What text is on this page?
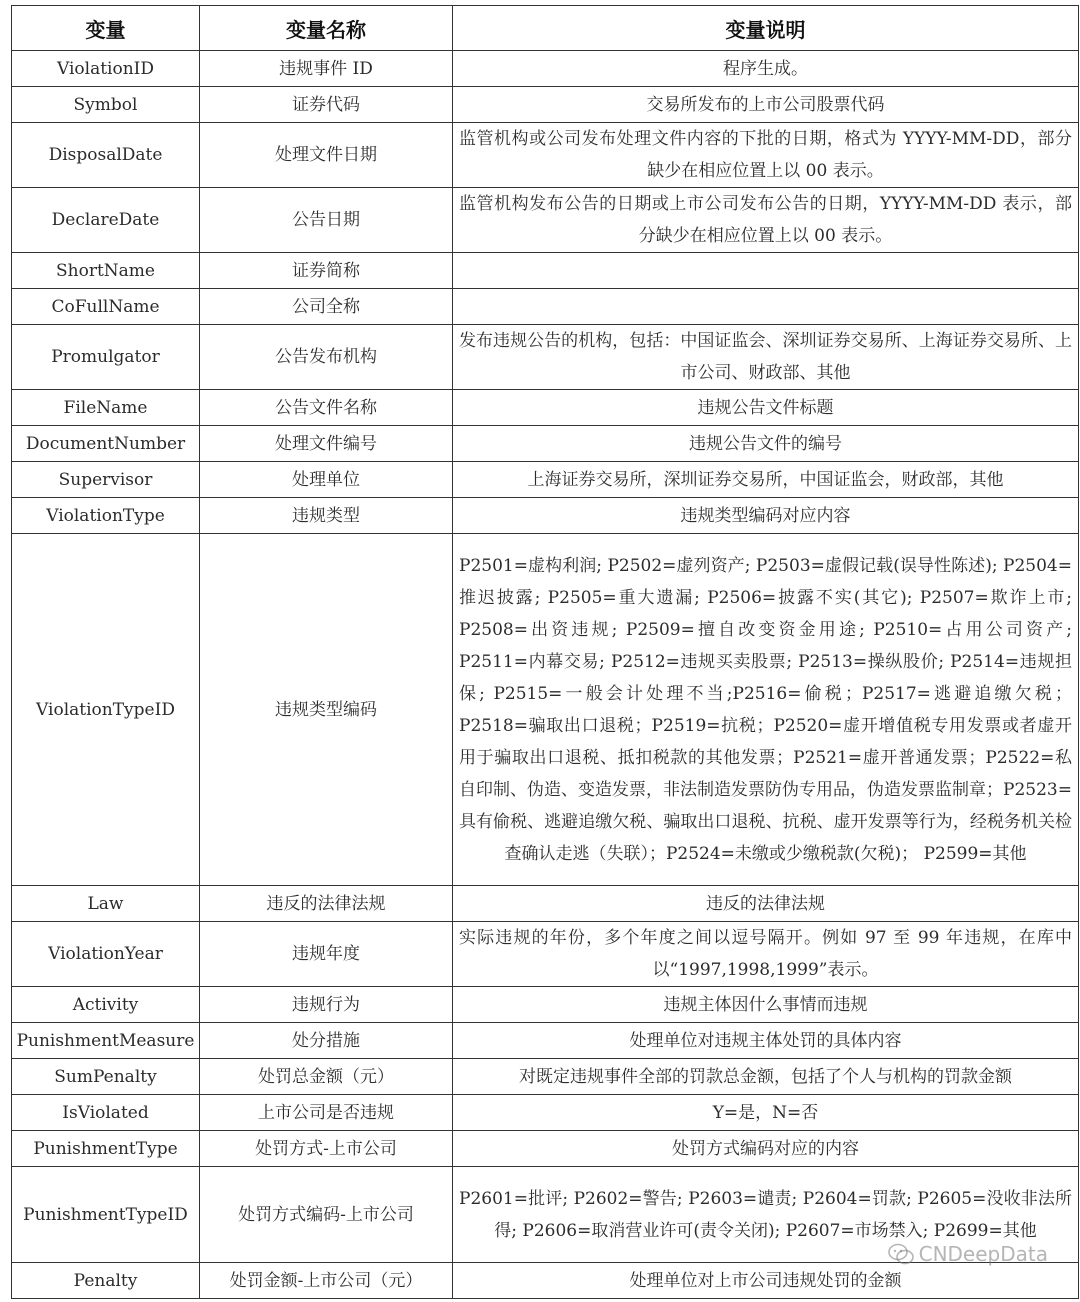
变量	变量名称	变量说明
ViolationID	违规事件 ID	程序生成。
Symbol	证券代码	交易所发布的上市公司股票代码
DisposalDate	处理文件日期	监管机构或公司发布处理文件内容的下批的日期，格式为 YYYY-MM-DD，部分缺少在相应位置上以 00 表示。
DeclareDate	公告日期	监管机构发布公告的日期或上市公司发布公告的日期，YYYY-MM-DD 表示，部分缺少在相应位置上以 00 表示。
ShortName	证券简称	
CoFullName	公司全称	
Promulgator	公告发布机构	发布违规公告的机构，包括：中国证监会、深圳证券交易所、上海证券交易所、上市公司、财政部、其他
FileName	公告文件名称	违规公告文件标题
DocumentNumber	处理文件编号	违规公告文件的编号
Supervisor	处理单位	上海证券交易所，深圳证券交易所，中国证监会，财政部，其他
ViolationType	违规类型	违规类型编码对应内容
ViolationTypeID	违规类型编码	P2501=虚构利润; P2502=虚列资产; P2503=虚假记载(误导性陈述); P2504=推迟披露; P2505=重大遗漏; P2506=披露不实(其它); P2507=欺诈上市; P2508=出资违规; P2509=擅自改变资金用途; P2510=占用公司资产; P2511=内幕交易; P2512=违规买卖股票; P2513=操纵股价; P2514=违规担保; P2515=一般会计处理不当;P2516=偷税；P2517=逃避追缴欠税；P2518=骗取出口退税；P2519=抗税；P2520=虚开增值税专用发票或者虚开用于骗取出口退税、抵扣税款的其他发票；P2521=虚开普通发票；P2522=私自印制、伪造、变造发票，非法制造发票防伪专用品，伪造发票监制章；P2523=具有偷税、逃避追缴欠税、骗取出口退税、抗税、虚开发票等行为，经税务机关检查确认走逃（失联）；P2524=未缴或少缴税款(欠税)； P2599=其他
Law	违反的法律法规	违反的法律法规
ViolationYear	违规年度	实际违规的年份，多个年度之间以逗号隔开。例如 97 至 99 年违规，在库中以“1997,1998,1999”表示。
Activity	违规行为	违规主体因什么事情而违规
PunishmentMeasure	处分措施	处理单位对违规主体处罚的具体内容
SumPenalty	处罚总金额（元）	对既定违规事件全部的罚款总金额，包括了个人与机构的罚款金额
IsViolated	上市公司是否违规	Y=是，N=否
PunishmentType	处罚方式-上市公司	处罚方式编码对应的内容
PunishmentTypeID	处罚方式编码-上市公司	P2601=批评; P2602=警告; P2603=谴责; P2604=罚款; P2605=没收非法所得; P2606=取消营业许可(责令关闭); P2607=市场禁入; P2699=其他
Penalty	处罚金额-上市公司（元）	处理单位对上市公司违规处罚的金额
CNDeepData
